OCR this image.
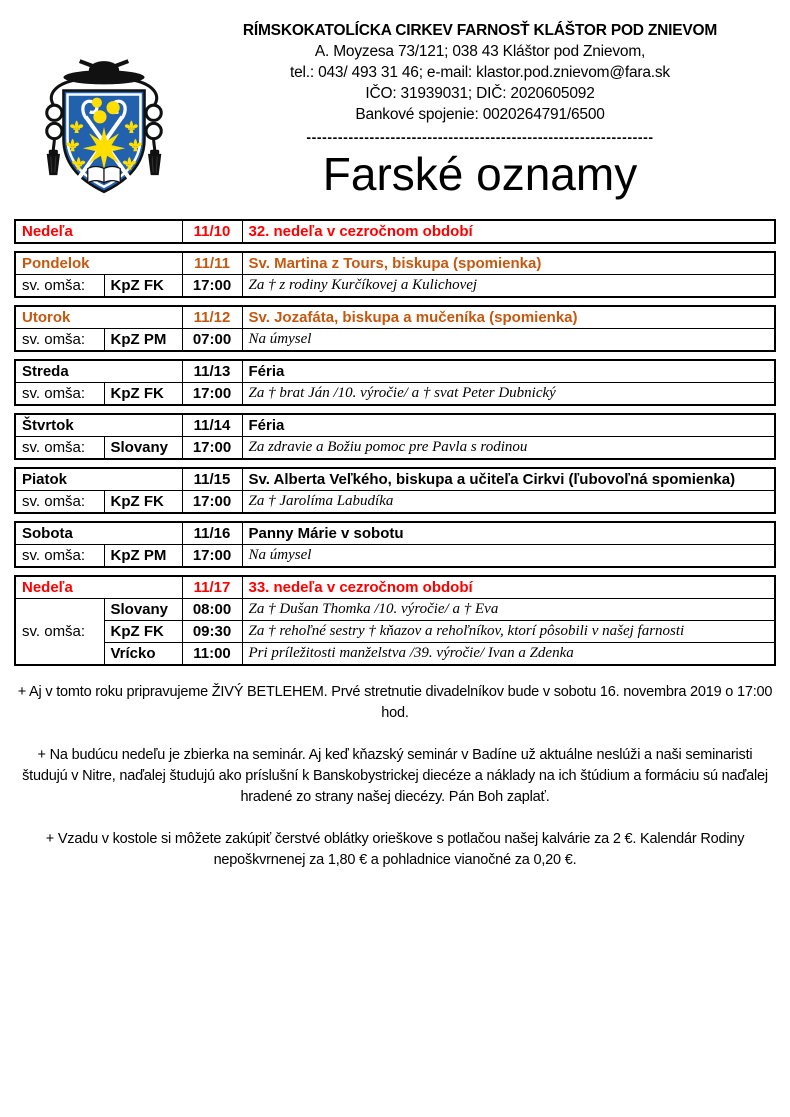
RÍMSKOKATOLÍCKA CIRKEV FARNOSŤ KLÁŠTOR POD ZNIEVOM
A. Moyzesa 73/121; 038 43 Kláštor pod Znievom,
tel.: 043/ 493 31 46; e-mail: klastor.pod.znievom@fara.sk
IČO: 31939031; DIČ: 2020605092
Bankové spojenie: 0020264791/6500
------------------------------------------------------------------
Farské oznamy
Nedeľa	11/10	32. nedeľa v cezročnom období
Pondelok		11/11	Sv. Martina z Tours, biskupa (spomienka)
sv. omša:	KpZ FK	17:00	Za † z rodiny Kurčíkovej a Kulichovej
Utorok		11/12	Sv. Jozafáta, biskupa a mučeníka (spomienka)
sv. omša:	KpZ PM	07:00	Na úmysel
Streda		11/13	Féria
sv. omša:	KpZ FK	17:00	Za † brat Ján /10. výročie/ a † svat Peter Dubnický
Štvrtok		11/14	Féria
sv. omša:	Slovany	17:00	Za zdravie a Božiu pomoc pre Pavla s rodinou
Piatok		11/15	Sv. Alberta Veľkého, biskupa a učiteľa Cirkvi (ľubovoľná spomienka)
sv. omša:	KpZ FK	17:00	Za † Jarolíma Labudíka
Sobota		11/16	Panny Márie v sobotu
sv. omša:	KpZ PM	17:00	Na úmysel
Nedeľa		11/17	33. nedeľa v cezročnom období
sv. omša:	Slovany	08:00	Za † Dušan Thomka /10. výročie/ a † Eva
	KpZ FK	09:30	Za † rehoľné sestry † kňazov a rehoľníkov, ktorí pôsobili v našej farnosti
	Vrícko	11:00	Pri príležitosti manželstva /39. výročie/ Ivan a Zdenka

+ Aj v tomto roku pripravujeme ŽIVÝ BETLEHEM. Prvé stretnutie divadelníkov bude v sobotu 16. novembra 2019 o 17:00 hod.

+ Na budúcu nedeľu je zbierka na seminár. Aj keď kňazský seminár v Badíne už aktuálne neslúži a naši seminaristi študujú v Nitre, naďalej študujú ako príslušní k Banskobystrickej diecéze a náklady na ich štúdium a formáciu sú naďalej hradené zo strany našej diecézy. Pán Boh zaplať.

+ Vzadu v kostole si môžete zakúpiť čerstvé oblátky orieškove s potlačou našej kalvárie za 2 €. Kalendár Rodiny nepoškvrnenej za 1,80 € a pohladnice vianočné za 0,20 €.
